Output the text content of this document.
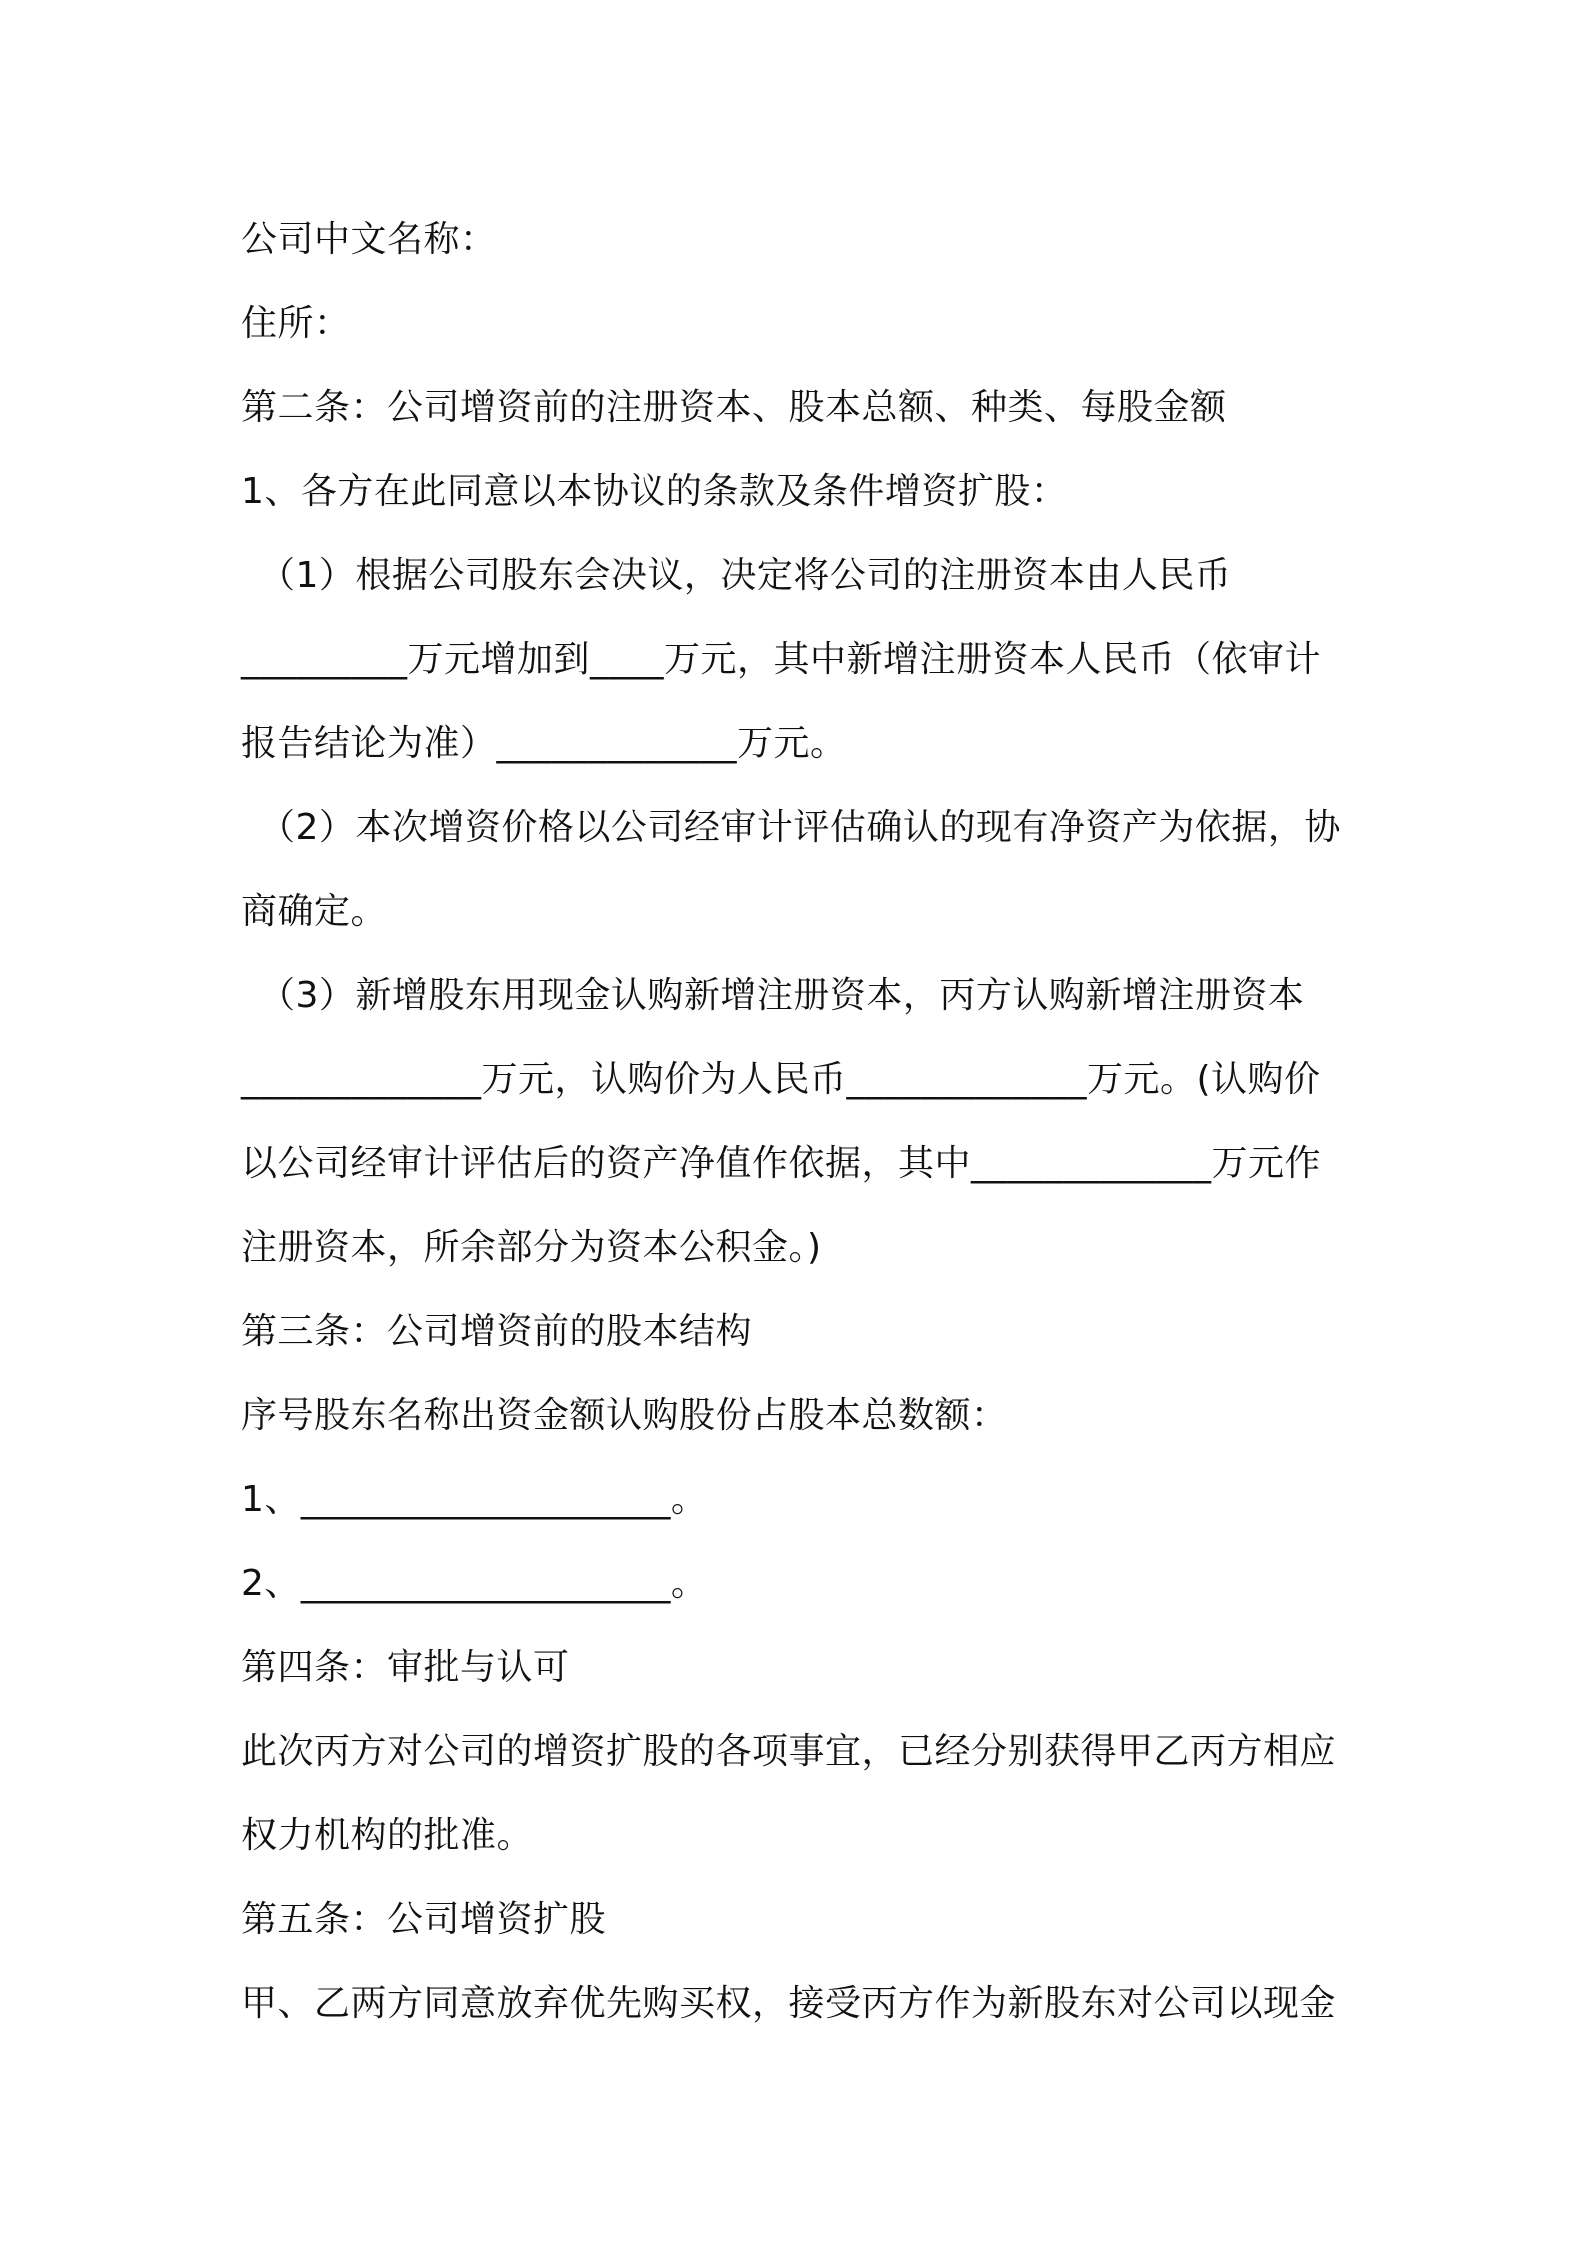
公司中文名称：
住所：
第二条：公司增资前的注册资本、股本总额、种类、每股金额
1、各方在此同意以本协议的条款及条件增资扩股：
（1）根据公司股东会决议，决定将公司的注册资本由人民币
_________万元增加到____万元，其中新增注册资本人民币（依审计
报告结论为准）_____________万元。
（2）本次增资价格以公司经审计评估确认的现有净资产为依据，协
商确定。
（3）新增股东用现金认购新增注册资本，丙方认购新增注册资本
_____________万元，认购价为人民币_____________万元。(认购价
以公司经审计评估后的资产净值作依据，其中_____________万元作
注册资本，所余部分为资本公积金。)
第三条：公司增资前的股本结构
序号股东名称出资金额认购股份占股本总数额：
1、____________________。
2、____________________。
第四条：审批与认可
此次丙方对公司的增资扩股的各项事宜，已经分别获得甲乙丙方相应
权力机构的批准。
第五条：公司增资扩股
甲、乙两方同意放弃优先购买权，接受丙方作为新股东对公司以现金
